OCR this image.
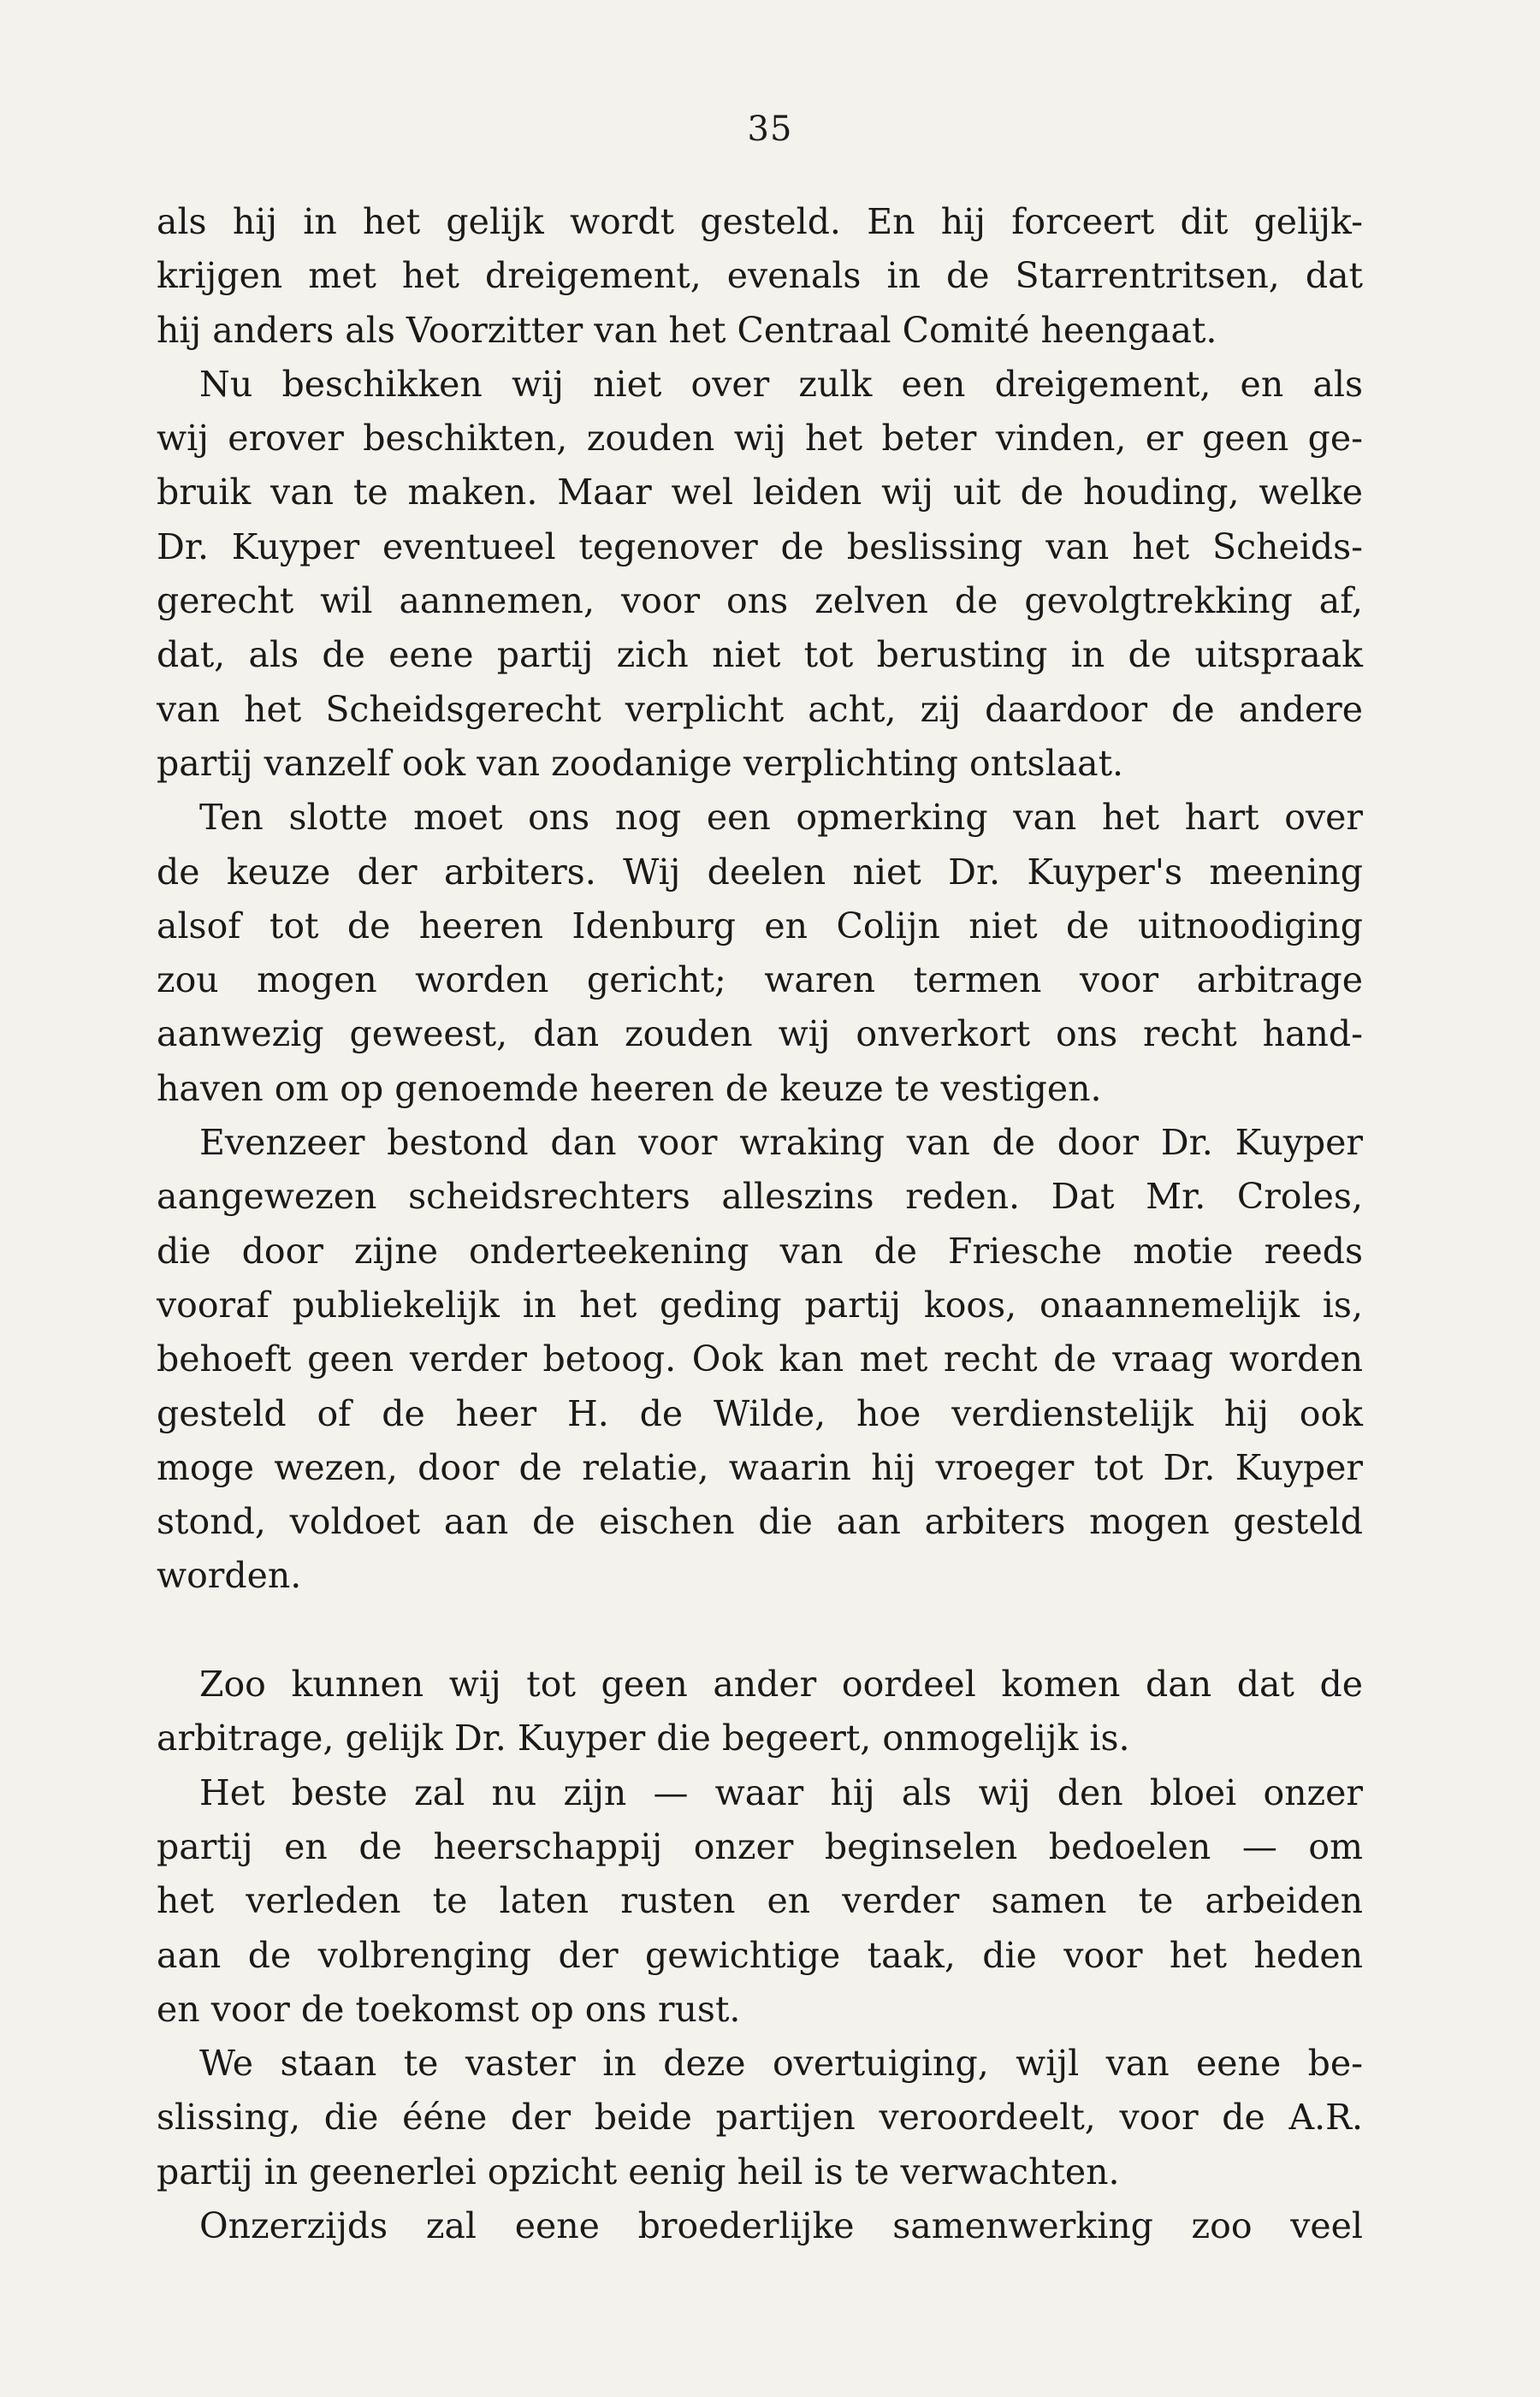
35
als hij in het gelijk wordt gesteld. En hij forceert dit gelijk-
krijgen met het dreigement, evenals in de Starrentritsen, dat
hij anders als Voorzitter van het Centraal Comité heengaat.
Nu beschikken wij niet over zulk een dreigement, en als
wij erover beschikten, zouden wij het beter vinden, er geen ge-
bruik van te maken. Maar wel leiden wij uit de houding, welke
Dr. Kuyper eventueel tegenover de beslissing van het Scheids-
gerecht wil aannemen, voor ons zelven de gevolgtrekking af,
dat, als de eene partij zich niet tot berusting in de uitspraak
van het Scheidsgerecht verplicht acht, zij daardoor de andere
partij vanzelf ook van zoodanige verplichting ontslaat.
Ten slotte moet ons nog een opmerking van het hart over
de keuze der arbiters. Wij deelen niet Dr. Kuyper's meening
alsof tot de heeren Idenburg en Colijn niet de uitnoodiging
zou mogen worden gericht; waren termen voor arbitrage
aanwezig geweest, dan zouden wij onverkort ons recht hand-
haven om op genoemde heeren de keuze te vestigen.
Evenzeer bestond dan voor wraking van de door Dr. Kuyper
aangewezen scheidsrechters alleszins reden. Dat Mr. Croles,
die door zijne onderteekening van de Friesche motie reeds
vooraf publiekelijk in het geding partij koos, onaannemelijk is,
behoeft geen verder betoog. Ook kan met recht de vraag worden
gesteld of de heer H. de Wilde, hoe verdienstelijk hij ook
moge wezen, door de relatie, waarin hij vroeger tot Dr. Kuyper
stond, voldoet aan de eischen die aan arbiters mogen gesteld
worden.
Zoo kunnen wij tot geen ander oordeel komen dan dat de
arbitrage, gelijk Dr. Kuyper die begeert, onmogelijk is.
Het beste zal nu zijn — waar hij als wij den bloei onzer
partij en de heerschappij onzer beginselen bedoelen — om
het verleden te laten rusten en verder samen te arbeiden
aan de volbrenging der gewichtige taak, die voor het heden
en voor de toekomst op ons rust.
We staan te vaster in deze overtuiging, wijl van eene be-
slissing, die ééne der beide partijen veroordeelt, voor de A.R.
partij in geenerlei opzicht eenig heil is te verwachten.
Onzerzijds zal eene broederlijke samenwerking zoo veel
